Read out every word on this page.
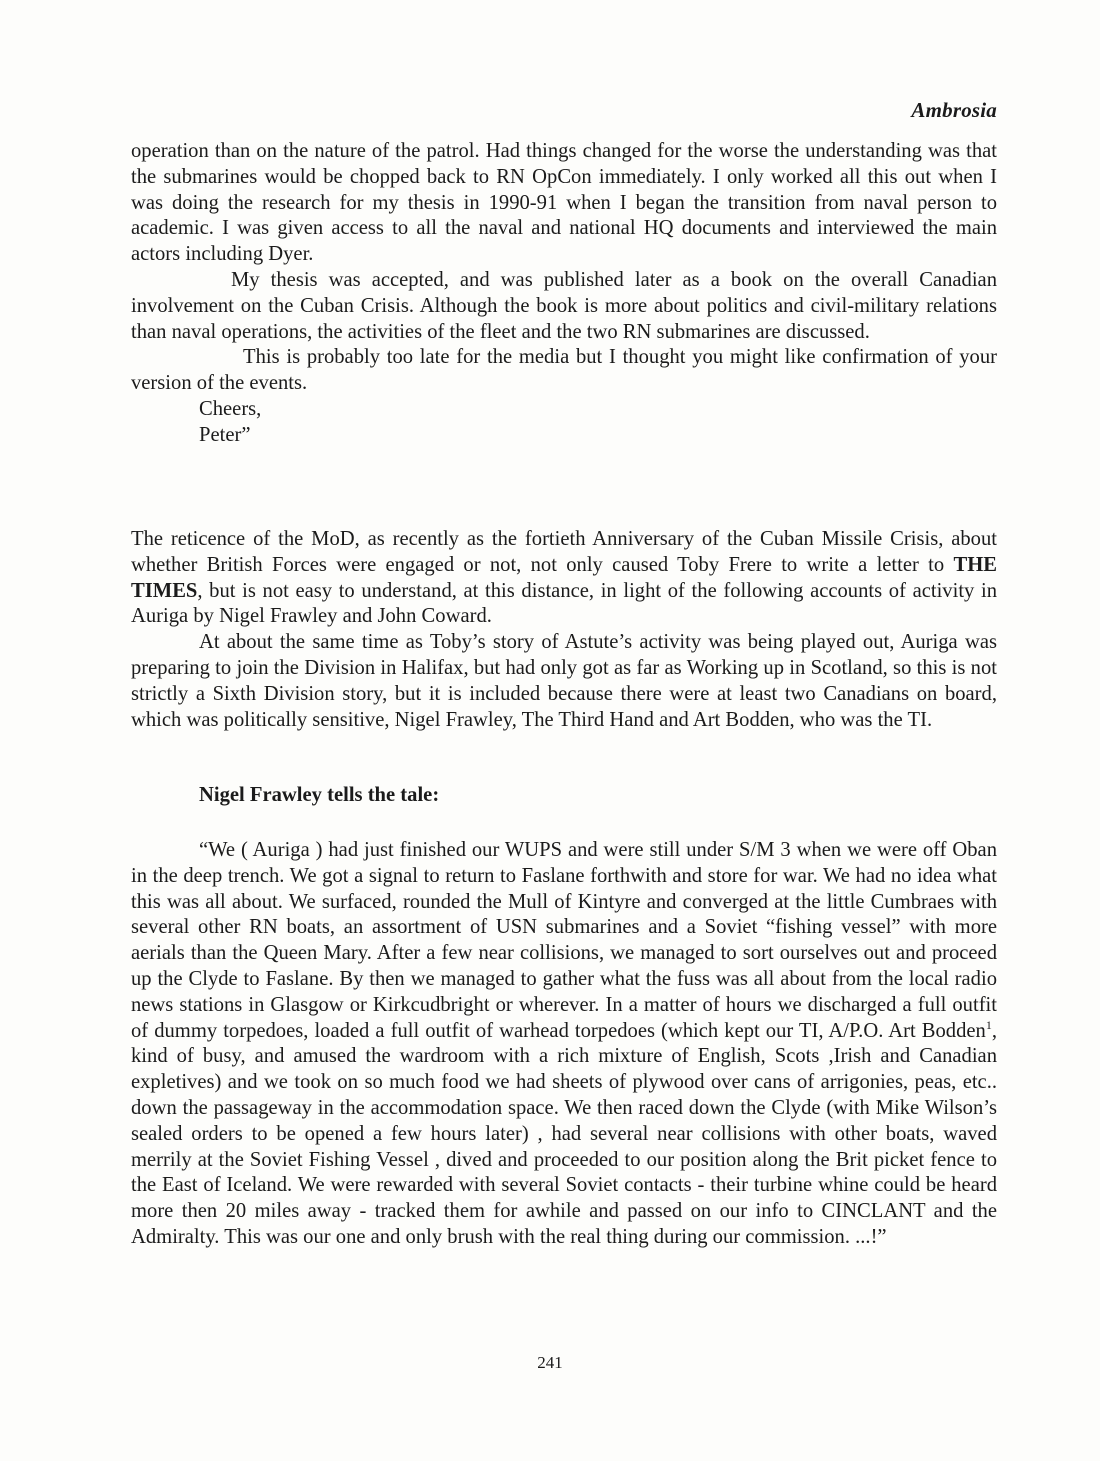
Ambrosia

operation than on the nature of the patrol. Had things changed for the worse the understanding was that the submarines would be chopped back to RN OpCon immediately. I only worked all this out when I was doing the research for my thesis in 1990-91 when I began the transition from naval person to academic. I was given access to all the naval and national HQ documents and interviewed the main actors including Dyer.

My thesis was accepted, and was published later as a book on the overall Canadian involvement on the Cuban Crisis. Although the book is more about politics and civil-military relations than naval operations, the activities of the fleet and the two RN submarines are discussed.

This is probably too late for the media but I thought you might like confirmation of your version of the events.

Cheers,

Peter”

The reticence of the MoD, as recently as the fortieth Anniversary of the Cuban Missile Crisis, about whether British Forces were engaged or not, not only caused Toby Frere to write a letter to THE TIMES, but is not easy to understand, at this distance, in light of the following accounts of activity in Auriga by Nigel Frawley and John Coward.

At about the same time as Toby’s story of Astute’s activity was being played out, Auriga was preparing to join the Division in Halifax, but had only got as far as Working up in Scotland, so this is not strictly a Sixth Division story, but it is included because there were at least two Canadians on board, which was politically sensitive, Nigel Frawley, The Third Hand and Art Bodden, who was the TI.

Nigel Frawley tells the tale:

“We ( Auriga ) had just finished our WUPS and were still under S/M 3 when we were off Oban in the deep trench. We got a signal to return to Faslane forthwith and store for war. We had no idea what this was all about. We surfaced, rounded the Mull of Kintyre and converged at the little Cumbraes with several other RN boats, an assortment of USN submarines and a Soviet “fishing vessel” with more aerials than the Queen Mary. After a few near collisions, we managed to sort ourselves out and proceed up the Clyde to Faslane. By then we managed to gather what the fuss was all about from the local radio news stations in Glasgow or Kirkcudbright or wherever. In a matter of hours we discharged a full outfit of dummy torpedoes, loaded a full outfit of warhead torpedoes (which kept our TI, A/P.O. Art Bodden$^1$, kind of busy, and amused the wardroom with a rich mixture of English, Scots ,Irish and Canadian expletives) and we took on so much food we had sheets of plywood over cans of arrigonies, peas, etc.. down the passageway in the accommodation space. We then raced down the Clyde (with Mike Wilson’s sealed orders to be opened a few hours later) , had several near collisions with other boats, waved merrily at the Soviet Fishing Vessel , dived and proceeded to our position along the Brit picket fence to the East of Iceland. We were rewarded with several Soviet contacts - their turbine whine could be heard more then 20 miles away - tracked them for awhile and passed on our info to CINCLANT and the Admiralty. This was our one and only brush with the real thing during our commission. ...!”

241
